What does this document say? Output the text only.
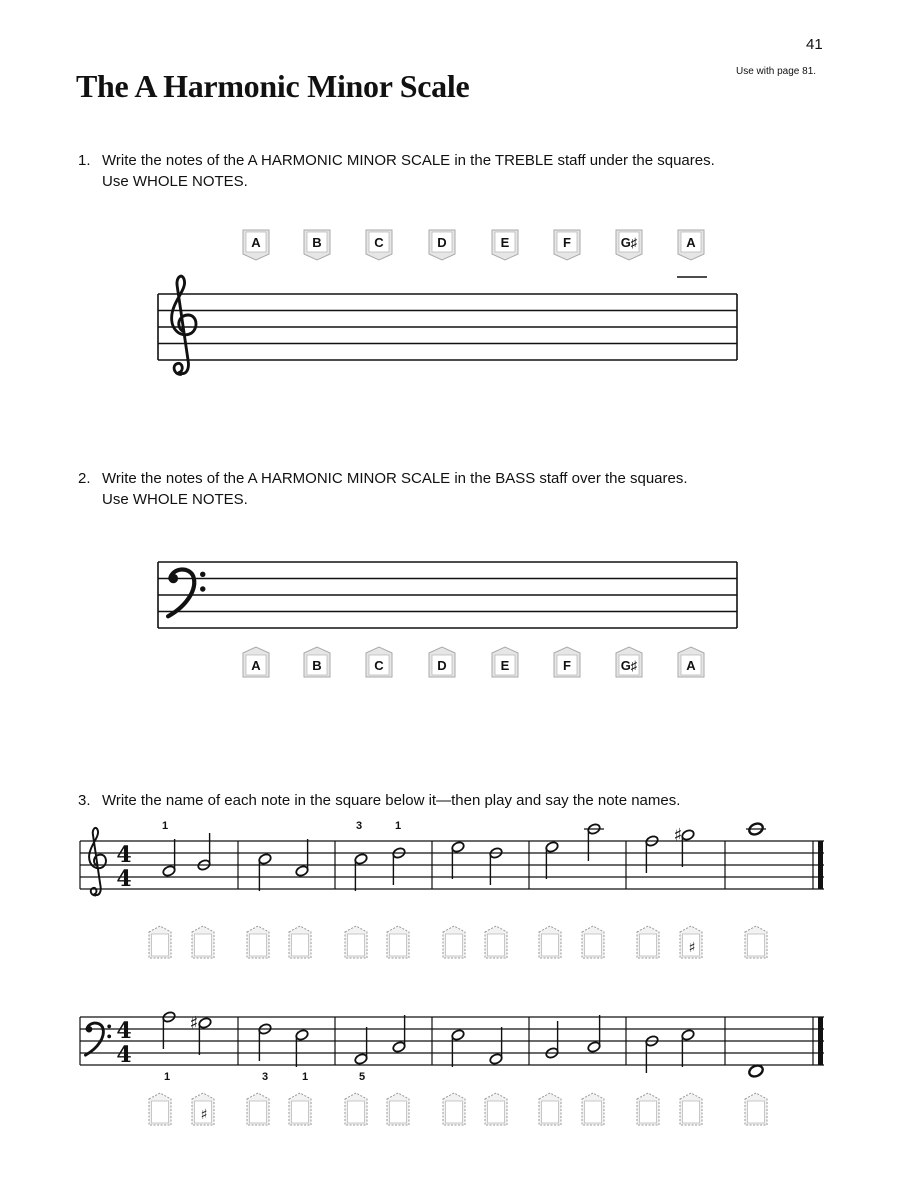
41
Use with page 81.
The A Harmonic Minor Scale
1. Write the notes of the A HARMONIC MINOR SCALE in the TREBLE staff under the squares.
Use WHOLE NOTES.
2. Write the notes of the A HARMONIC MINOR SCALE in the BASS staff over the squares.
Use WHOLE NOTES.
3. Write the name of each note in the square below it—then play and say the note names.
A	B	C	D	E	F	G♯	A
A	B	C	D	E	F	G♯	A
4
4
♯
1	3	1
♯
4
4
♯
1	3	1	5
♯
